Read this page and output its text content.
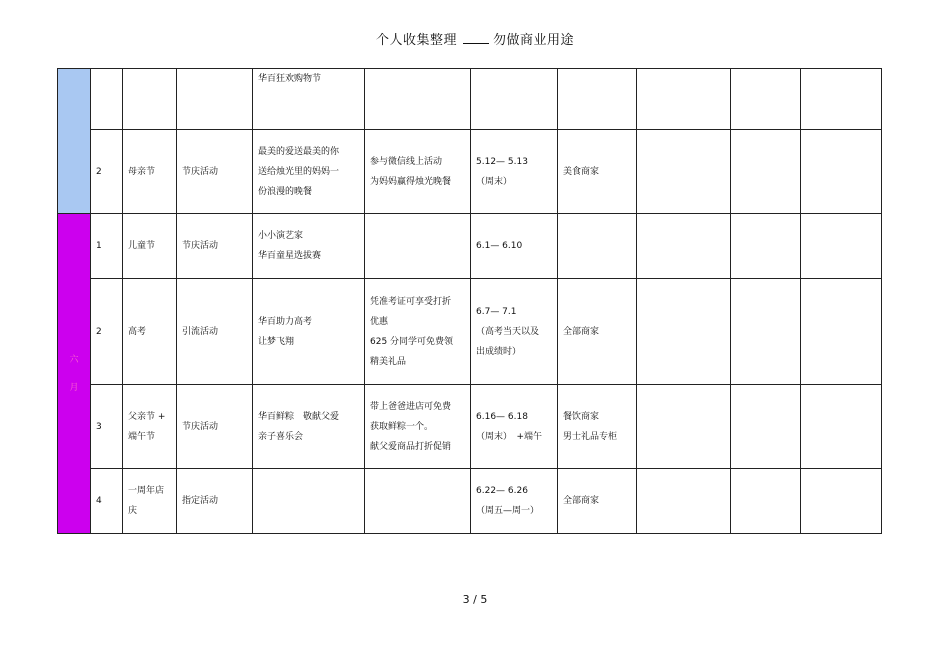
个人收集整理	勿做商业用途

				华百狂欢购物节						

	2	母亲节	节庆活动	最美的爱送最美的你
送给烛光里的妈妈一
份浪漫的晚餐	参与微信线上活动
为妈妈赢得烛光晚餐	5.12— 5.13
（周末）	美食商家			

六
月	1	儿童节	节庆活动	小小演艺家
华百童星选拔赛		6.1— 6.10				

	2	高考	引流活动	华百助力高考
让梦飞翔	凭准考证可享受打折
优惠
625 分同学可免费领
精美礼品	6.7— 7.1
（高考当天以及
出成绩时）	全部商家			

	3	父亲节 +
端午节	节庆活动	华百鲜粽　敬献父爱
亲子喜乐会	带上爸爸进店可免费
获取鲜粽一个。
献父爱商品打折促销	6.16— 6.18
（周末）　+端午	餐饮商家
男士礼品专柜			

	4	一周年店
庆	指定活动			6.22— 6.26
（周五—周一）	全部商家			

3 / 5
